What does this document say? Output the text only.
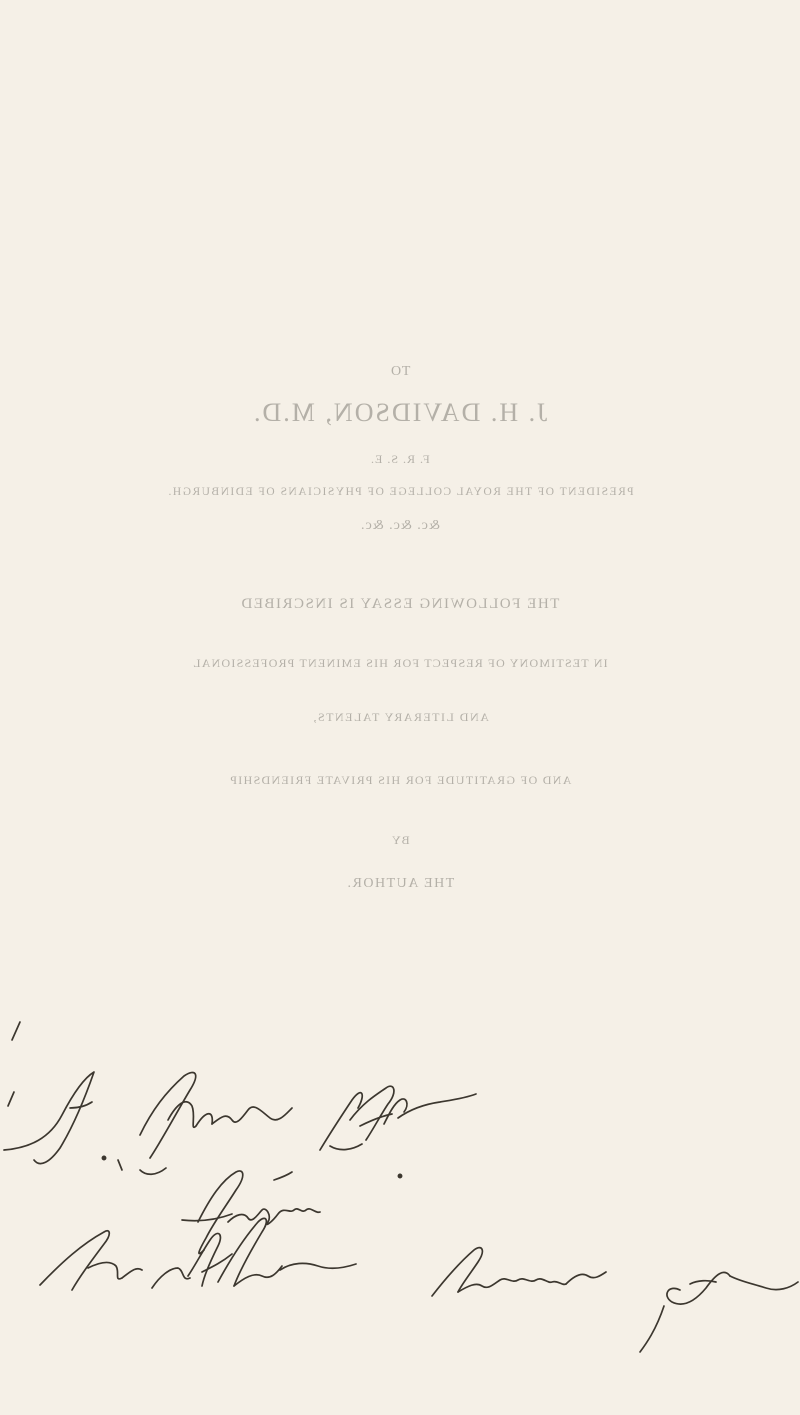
TO
J. H. DAVIDSON, M.D.
F. R. S. E.
PRESIDENT OF THE ROYAL COLLEGE OF PHYSICIANS OF EDINBURGH.
&c. &c. &c.
THE FOLLOWING ESSAY IS INSCRIBED
IN TESTIMONY OF RESPECT FOR HIS EMINENT PROFESSIONAL
AND LITERARY TALENTS,
AND OF GRATITUDE FOR HIS PRIVATE FRIENDSHIP
BY
THE AUTHOR.
